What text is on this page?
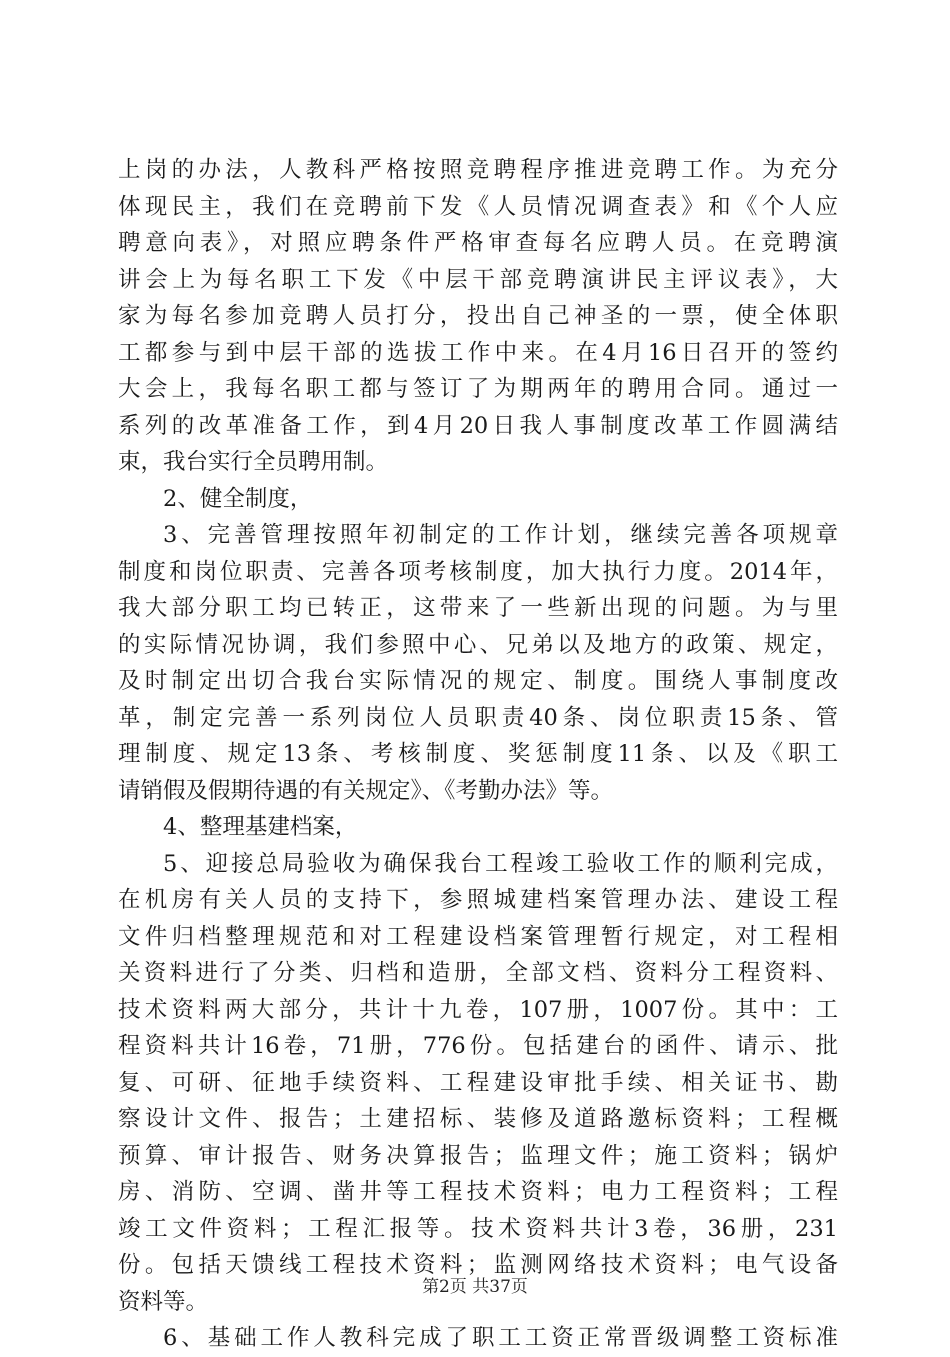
上岗的办法，人教科严格按照竞聘程序推进竞聘工作。为充分
体现民主，我们在竞聘前下发《人员情况调查表》和《个人应
聘意向表》，对照应聘条件严格审查每名应聘人员。在竞聘演
讲会上为每名职工下发《中层干部竞聘演讲民主评议表》，大
家为每名参加竞聘人员打分，投出自己神圣的一票，使全体职
工都参与到中层干部的选拔工作中来。在4月16日召开的签约
大会上，我每名职工都与签订了为期两年的聘用合同。通过一
系列的改革准备工作，到4月20日我人事制度改革工作圆满结
束，我台实行全员聘用制。
2、健全制度，
3、完善管理按照年初制定的工作计划，继续完善各项规章
制度和岗位职责、完善各项考核制度，加大执行力度。2014年，
我大部分职工均已转正，这带来了一些新出现的问题。为与里
的实际情况协调，我们参照中心、兄弟以及地方的政策、规定，
及时制定出切合我台实际情况的规定、制度。围绕人事制度改
革，制定完善一系列岗位人员职责40条、岗位职责15条、管
理制度、规定13条、考核制度、奖惩制度11条、以及《职工
请销假及假期待遇的有关规定》、《考勤办法》等。
4、整理基建档案，
5、迎接总局验收为确保我台工程竣工验收工作的顺利完成，
在机房有关人员的支持下，参照城建档案管理办法、建设工程
文件归档整理规范和对工程建设档案管理暂行规定，对工程相
关资料进行了分类、归档和造册，全部文档、资料分工程资料、
技术资料两大部分，共计十九卷，107册，1007份。其中：工
程资料共计16卷，71册，776份。包括建台的函件、请示、批
复、可研、征地手续资料、工程建设审批手续、相关证书、勘
察设计文件、报告；土建招标、装修及道路邀标资料；工程概
预算、审计报告、财务决算报告；监理文件；施工资料；锅炉
房、消防、空调、凿井等工程技术资料；电力工程资料；工程
竣工文件资料；工程汇报等。技术资料共计3卷，36册，231
份。包括天馈线工程技术资料；监测网络技术资料；电气设备
资料等。
6、基础工作人教科完成了职工工资正常晋级调整工资标准
第2页 共37页
